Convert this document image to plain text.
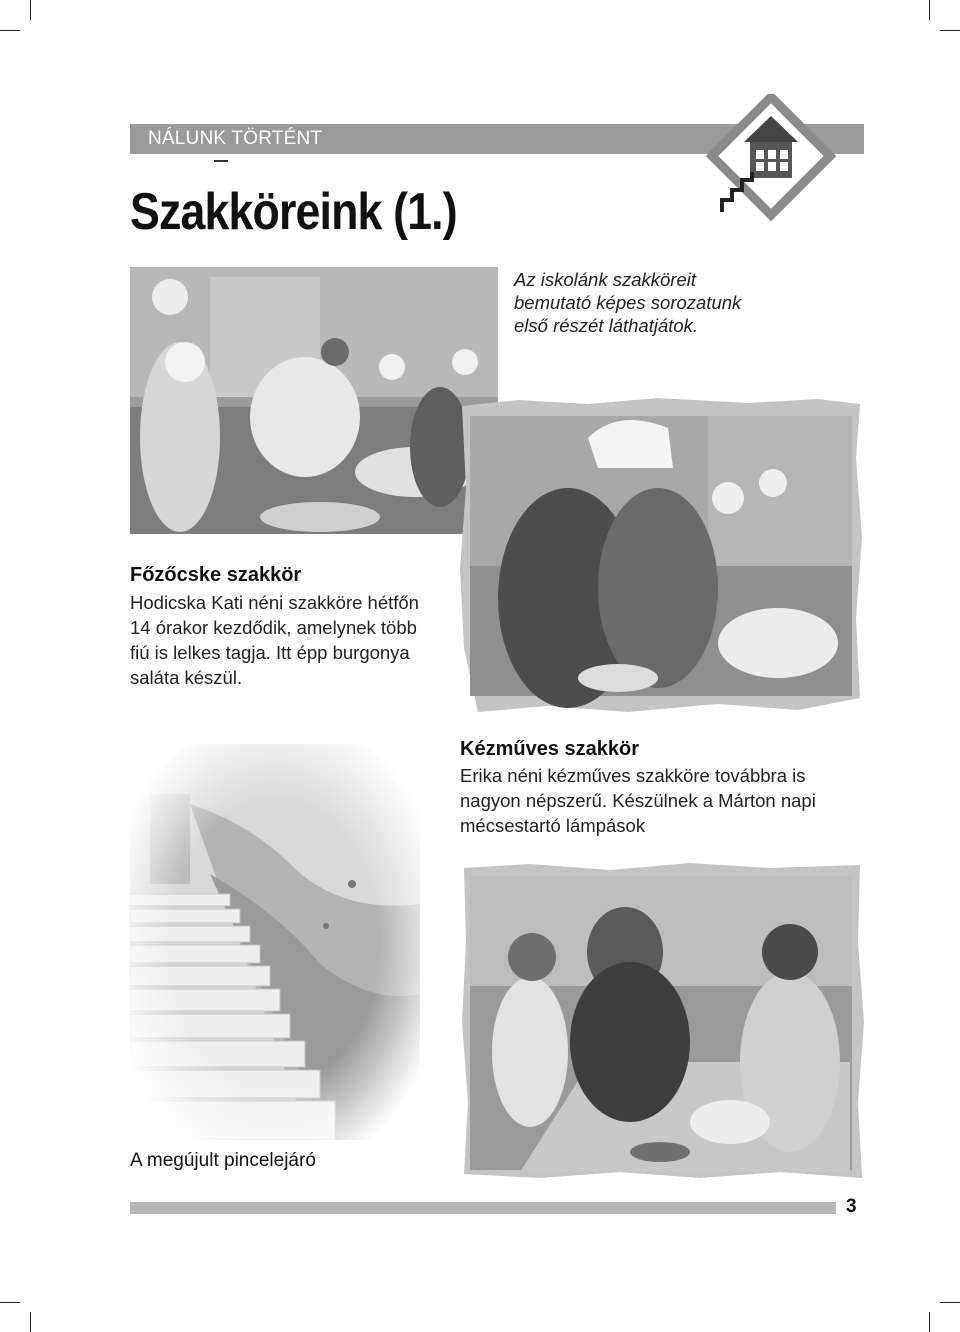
NÁLUNK TÖRTÉNT
Szakköreink (1.)
Az iskolánk szakköreit
bemutató képes sorozatunk
első részét láthatjátok.
Főzőcske szakkör
Hodicska Kati néni szakköre hétfőn
14 órakor kezdődik, amelynek több
fiú is lelkes tagja. Itt épp burgonya
saláta készül.
Kézműves szakkör
Erika néni kézműves szakköre továbbra is
nagyon népszerű. Készülnek a Márton napi
mécsestartó lámpások
A megújult pincelejáró
3
